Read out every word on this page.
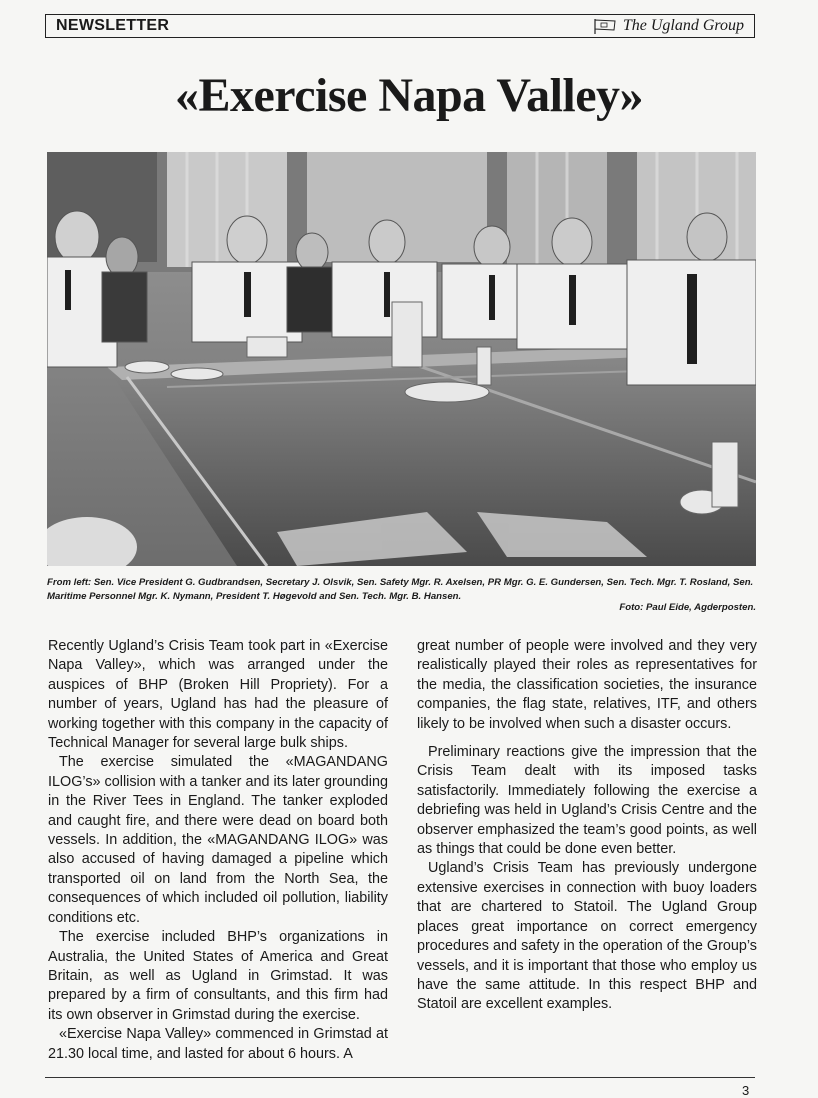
NEWSLETTER	The Ugland Group
«Exercise Napa Valley»

From left: Sen. Vice President G. Gudbrandsen, Secretary J. Olsvik, Sen. Safety Mgr. R. Axelsen, PR Mgr. G. E. Gundersen, Sen. Tech. Mgr. T. Rosland, Sen. Maritime Personnel Mgr. K. Nymann, President T. Høgevold and Sen. Tech. Mgr. B. Hansen.

Foto: Paul Eide, Agderposten.

Recently Ugland’s Crisis Team took part in «Exercise Napa Valley», which was arranged under the auspices of BHP (Broken Hill Propriety). For a number of years, Ugland has had the pleasure of working together with this company in the capacity of Technical Manager for several large bulk ships.

The exercise simulated the «MAGANDANG ILOG’s» collision with a tanker and its later grounding in the River Tees in England. The tanker exploded and caught fire, and there were dead on board both vessels. In addition, the «MAGANDANG ILOG» was also accused of having damaged a pipeline which transported oil on land from the North Sea, the consequences of which included oil pollution, liability conditions etc.

The exercise included BHP’s organizations in Australia, the United States of America and Great Britain, as well as Ugland in Grimstad. It was prepared by a firm of consultants, and this firm had its own observer in Grimstad during the exercise.

«Exercise Napa Valley» commenced in Grimstad at 21.30 local time, and lasted for about 6 hours. A

great number of people were involved and they very realistically played their roles as representatives for the media, the classification societies, the insurance companies, the flag state, relatives, ITF, and others likely to be involved when such a disaster occurs.

Preliminary reactions give the impression that the Crisis Team dealt with its imposed tasks satisfactorily. Immediately following the exercise a debriefing was held in Ugland’s Crisis Centre and the observer emphasized the team’s good points, as well as things that could be done even better.

Ugland’s Crisis Team has previously undergone extensive exercises in connection with buoy loaders that are chartered to Statoil. The Ugland Group places great importance on correct emergency procedures and safety in the operation of the Group’s vessels, and it is important that those who employ us have the same attitude. In this respect BHP and Statoil are excellent examples.

3
